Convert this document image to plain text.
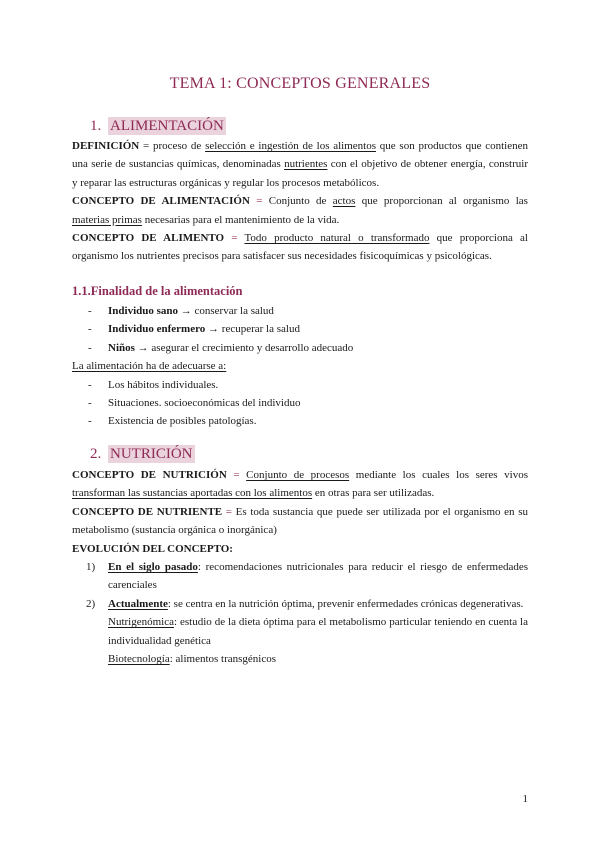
TEMA 1: CONCEPTOS GENERALES
1. ALIMENTACIÓN

DEFINICIÓN = proceso de selección e ingestión de los alimentos que son productos que contienen una serie de sustancias químicas, denominadas nutrientes con el objetivo de obtener energía, construir y reparar las estructuras orgánicas y regular los procesos metabólicos.

CONCEPTO DE ALIMENTACIÓN = Conjunto de actos que proporcionan al organismo las materias primas necesarias para el mantenimiento de la vida.

CONCEPTO DE ALIMENTO = Todo producto natural o transformado que proporciona al organismo los nutrientes precisos para satisfacer sus necesidades fisicoquímicas y psicológicas.

1.1.Finalidad de la alimentación
- Individuo sano → conservar la salud
- Individuo enfermero → recuperar la salud
- Niños → asegurar el crecimiento y desarrollo adecuado
La alimentación ha de adecuarse a:
- Los hábitos individuales.
- Situaciones. socioeconómicas del individuo
- Existencia de posibles patologías.
2. NUTRICIÓN

CONCEPTO DE NUTRICIÓN = Conjunto de procesos mediante los cuales los seres vivos transforman las sustancias aportadas con los alimentos en otras para ser utilizadas.

CONCEPTO DE NUTRIENTE = Es toda sustancia que puede ser utilizada por el organismo en su metabolismo (sustancia orgánica o inorgánica)

EVOLUCIÓN DEL CONCEPTO:

1) En el siglo pasado: recomendaciones nutricionales para reducir el riesgo de enfermedades carenciales
2) Actualmente: se centra en la nutrición óptima, prevenir enfermedades crónicas degenerativas.
Nutrigenómica: estudio de la dieta óptima para el metabolismo particular teniendo en cuenta la individualidad genética
Biotecnología: alimentos transgénicos
1
